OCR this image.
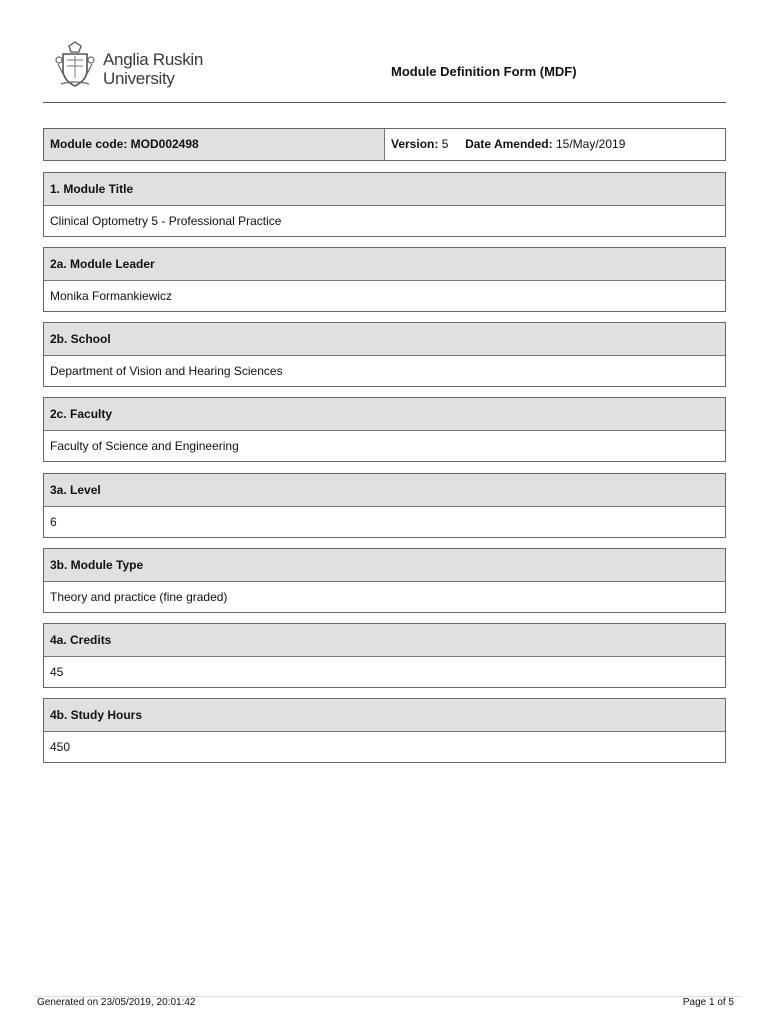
Anglia Ruskin
University	Module Definition Form (MDF)
Module code: MOD002498	Version: 5 Date Amended: 15/May/2019
1. Module Title
Clinical Optometry 5 - Professional Practice
2a. Module Leader
Monika Formankiewicz
2b. School
Department of Vision and Hearing Sciences
2c. Faculty
Faculty of Science and Engineering
3a. Level
6
3b. Module Type
Theory and practice (fine graded)
4a. Credits
45
4b. Study Hours
450
Generated on 23/05/2019, 20:01:42	Page 1 of 5
